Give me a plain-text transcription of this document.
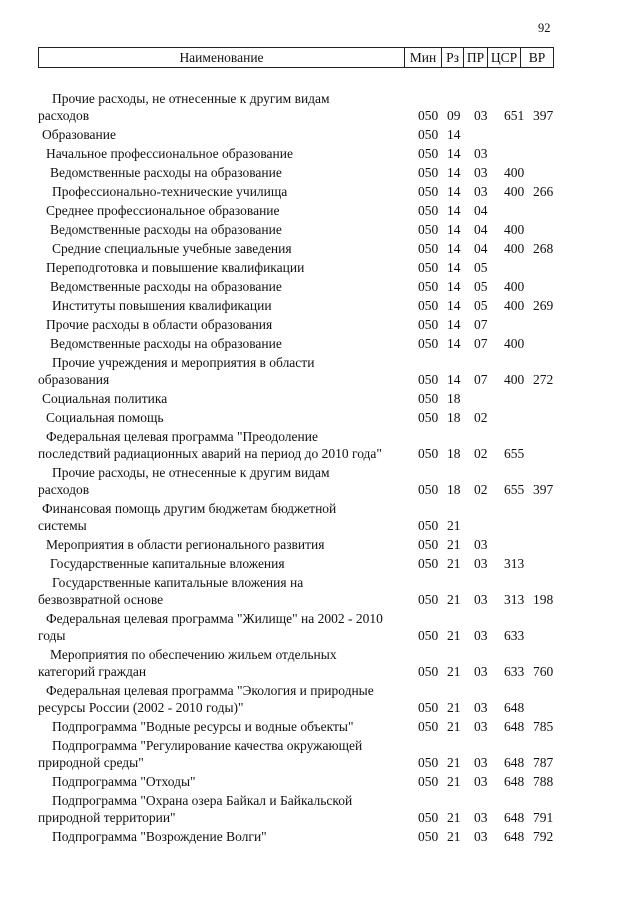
92
Наименование	Мин Рз ПР ЦСР ВР
Прочие расходы, не отнесенные к другим видам
расходов	050 09 03 651 397
Образование	050 14
Начальное профессиональное образование	050 14 03
Ведомственные расходы на образование	050 14 03 400
Профессионально-технические училища	050 14 03 400 266
Среднее профессиональное образование	050 14 04
Ведомственные расходы на образование	050 14 04 400
Средние специальные учебные заведения	050 14 04 400 268
Переподготовка и повышение квалификации	050 14 05
Ведомственные расходы на образование	050 14 05 400
Институты повышения квалификации	050 14 05 400 269
Прочие расходы в области образования	050 14 07
Ведомственные расходы на образование	050 14 07 400
Прочие учреждения и мероприятия в области
образования	050 14 07 400 272
Социальная политика	050 18
Социальная помощь	050 18 02
Федеральная целевая программа "Преодоление
последствий радиационных аварий на период до 2010 года"	050 18 02 655
Прочие расходы, не отнесенные к другим видам
расходов	050 18 02 655 397
Финансовая помощь другим бюджетам бюджетной
системы	050 21
Мероприятия в области регионального развития	050 21 03
Государственные капитальные вложения	050 21 03 313
Государственные капитальные вложения на
безвозвратной основе	050 21 03 313 198
Федеральная целевая программа "Жилище" на 2002 - 2010
годы	050 21 03 633
Мероприятия по обеспечению жильем отдельных
категорий граждан	050 21 03 633 760
Федеральная целевая программа "Экология и природные
ресурсы России (2002 - 2010 годы)"	050 21 03 648
Подпрограмма "Водные ресурсы и водные объекты"	050 21 03 648 785
Подпрограмма "Регулирование качества окружающей
природной среды"	050 21 03 648 787
Подпрограмма "Отходы"	050 21 03 648 788
Подпрограмма "Охрана озера Байкал и Байкальской
природной территории"	050 21 03 648 791
Подпрограмма "Возрождение Волги"	050 21 03 648 792
